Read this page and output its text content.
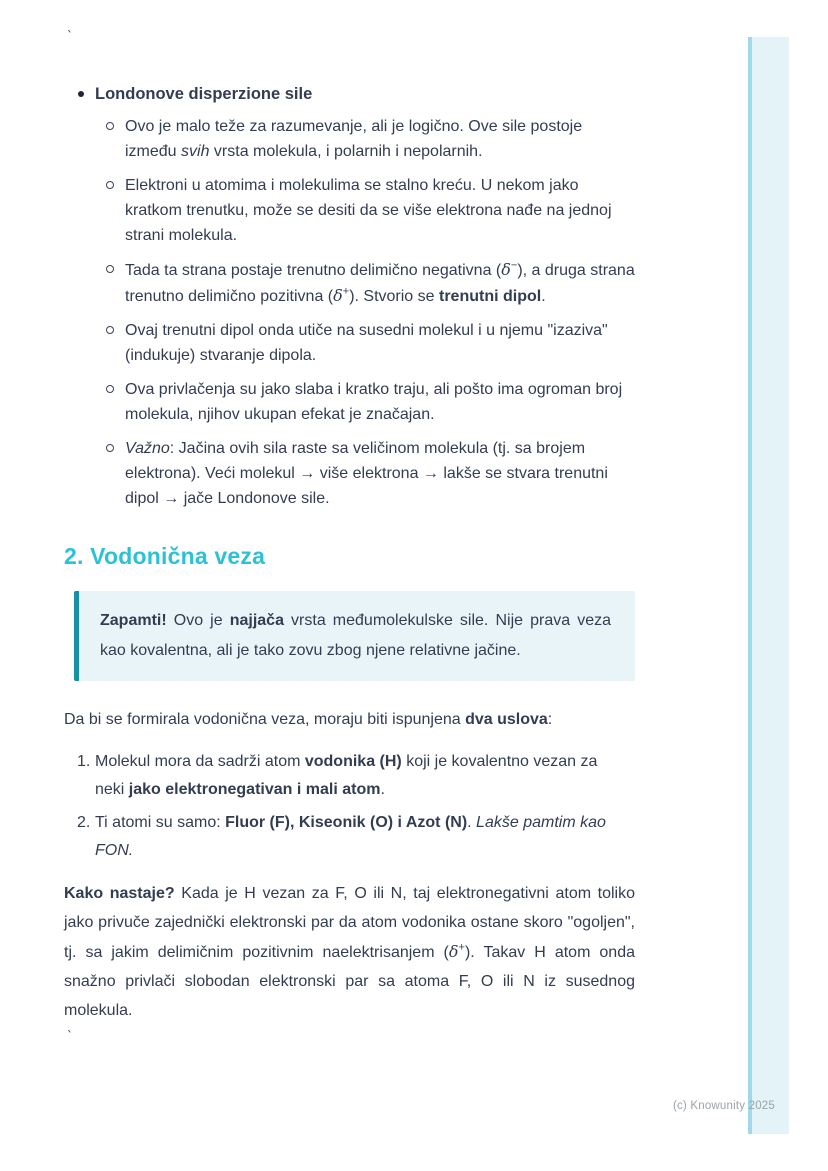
`
Londonove disperzione sile
Ovo je malo teže za razumevanje, ali je logično. Ove sile postoje između svih vrsta molekula, i polarnih i nepolarnih.
Elektroni u atomima i molekulima se stalno kreću. U nekom jako kratkom trenutku, može se desiti da se više elektrona nađe na jednoj strani molekula.
Tada ta strana postaje trenutno delimično negativna (δ−), a druga strana trenutno delimično pozitivna (δ+). Stvorio se trenutni dipol.
Ovaj trenutni dipol onda utiče na susedni molekul i u njemu "izaziva" (indukuje) stvaranje dipola.
Ova privlačenja su jako slaba i kratko traju, ali pošto ima ogroman broj molekula, njihov ukupan efekat je značajan.
Važno: Jačina ovih sila raste sa veličinom molekula (tj. sa brojem elektrona). Veći molekul → više elektrona → lakše se stvara trenutni dipol → jače Londonove sile.
2. Vodonična veza
Zapamti! Ovo je najjača vrsta međumolekulske sile. Nije prava veza kao kovalentna, ali je tako zovu zbog njene relativne jačine.

Da bi se formirala vodonična veza, moraju biti ispunjena dva uslova:

1. Molekul mora da sadrži atom vodonika (H) koji je kovalentno vezan za neki jako elektronegativan i mali atom.
2. Ti atomi su samo: Fluor (F), Kiseonik (O) i Azot (N). Lakše pamtim kao FON.

Kako nastaje? Kada je H vezan za F, O ili N, taj elektronegativni atom toliko jako privuče zajednički elektronski par da atom vodonika ostane skoro "ogoljen", tj. sa jakim delimičnim pozitivnim naelektrisanjem (δ+). Takav H atom onda snažno privlači slobodan elektronski par sa atoma F, O ili N iz susednog molekula.

`
(c) Knowunity 2025
